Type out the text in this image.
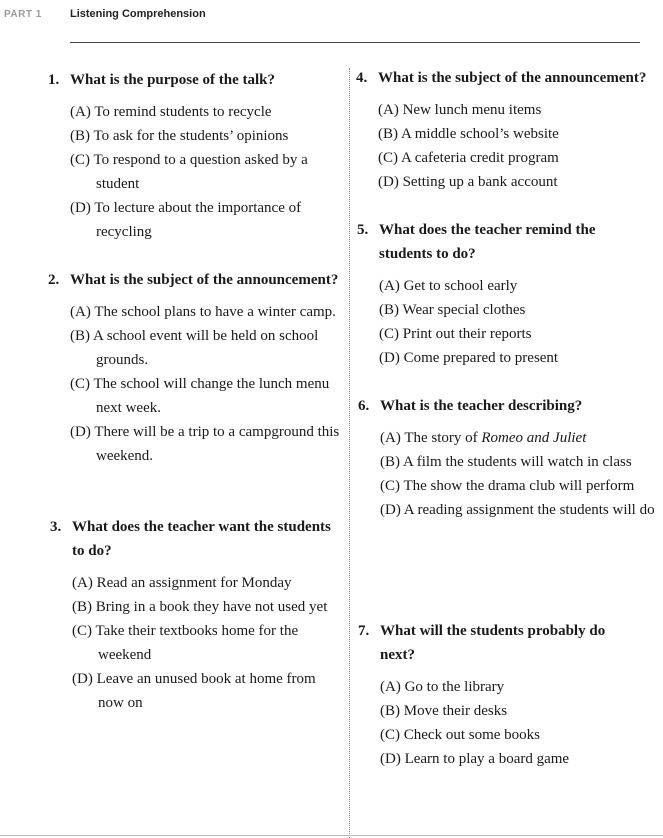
PART 1	Listening Comprehension

1. What is the purpose of the talk?

(A) To remind students to recycle
(B) To ask for the students’ opinions
(C) To respond to a question asked by a student
(D) To lecture about the importance of recycling

2. What is the subject of the announcement?

(A) The school plans to have a winter camp.
(B) A school event will be held on school grounds.
(C) The school will change the lunch menu next week.
(D) There will be a trip to a campground this weekend.

3. What does the teacher want the students to do?

(A) Read an assignment for Monday
(B) Bring in a book they have not used yet
(C) Take their textbooks home for the weekend
(D) Leave an unused book at home from now on

4. What is the subject of the announcement?

(A) New lunch menu items
(B) A middle school’s website
(C) A cafeteria credit program
(D) Setting up a bank account

5. What does the teacher remind the students to do?

(A) Get to school early
(B) Wear special clothes
(C) Print out their reports
(D) Come prepared to present

6. What is the teacher describing?

(A) The story of Romeo and Juliet
(B) A film the students will watch in class
(C) The show the drama club will perform
(D) A reading assignment the students will do

7. What will the students probably do next?

(A) Go to the library
(B) Move their desks
(C) Check out some books
(D) Learn to play a board game
